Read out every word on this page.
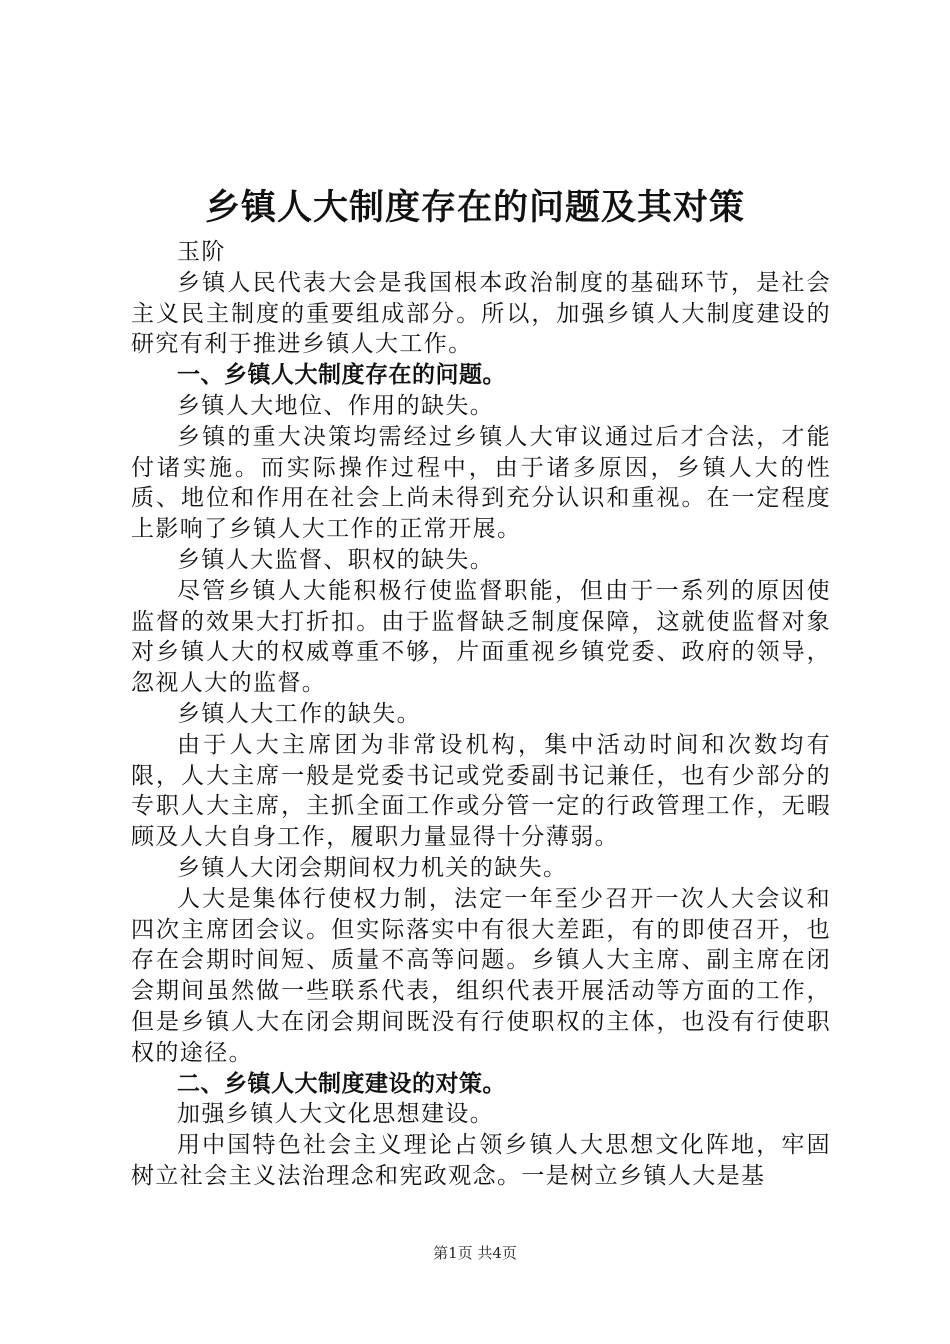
乡镇人大制度存在的问题及其对策

玉阶

乡镇人民代表大会是我国根本政治制度的基础环节，是社会主义民主制度的重要组成部分。所以，加强乡镇人大制度建设的研究有利于推进乡镇人大工作。

一、乡镇人大制度存在的问题。

乡镇人大地位、作用的缺失。

乡镇的重大决策均需经过乡镇人大审议通过后才合法，才能付诸实施。而实际操作过程中，由于诸多原因，乡镇人大的性质、地位和作用在社会上尚未得到充分认识和重视。在一定程度上影响了乡镇人大工作的正常开展。

乡镇人大监督、职权的缺失。

尽管乡镇人大能积极行使监督职能，但由于一系列的原因使监督的效果大打折扣。由于监督缺乏制度保障，这就使监督对象对乡镇人大的权威尊重不够，片面重视乡镇党委、政府的领导，忽视人大的监督。

乡镇人大工作的缺失。

由于人大主席团为非常设机构，集中活动时间和次数均有限，人大主席一般是党委书记或党委副书记兼任，也有少部分的专职人大主席，主抓全面工作或分管一定的行政管理工作，无暇顾及人大自身工作，履职力量显得十分薄弱。

乡镇人大闭会期间权力机关的缺失。

人大是集体行使权力制，法定一年至少召开一次人大会议和四次主席团会议。但实际落实中有很大差距，有的即使召开，也存在会期时间短、质量不高等问题。乡镇人大主席、副主席在闭会期间虽然做一些联系代表，组织代表开展活动等方面的工作，但是乡镇人大在闭会期间既没有行使职权的主体，也没有行使职权的途径。

二、乡镇人大制度建设的对策。

加强乡镇人大文化思想建设。

用中国特色社会主义理论占领乡镇人大思想文化阵地，牢固树立社会主义法治理念和宪政观念。一是树立乡镇人大是基

第1页 共4页
